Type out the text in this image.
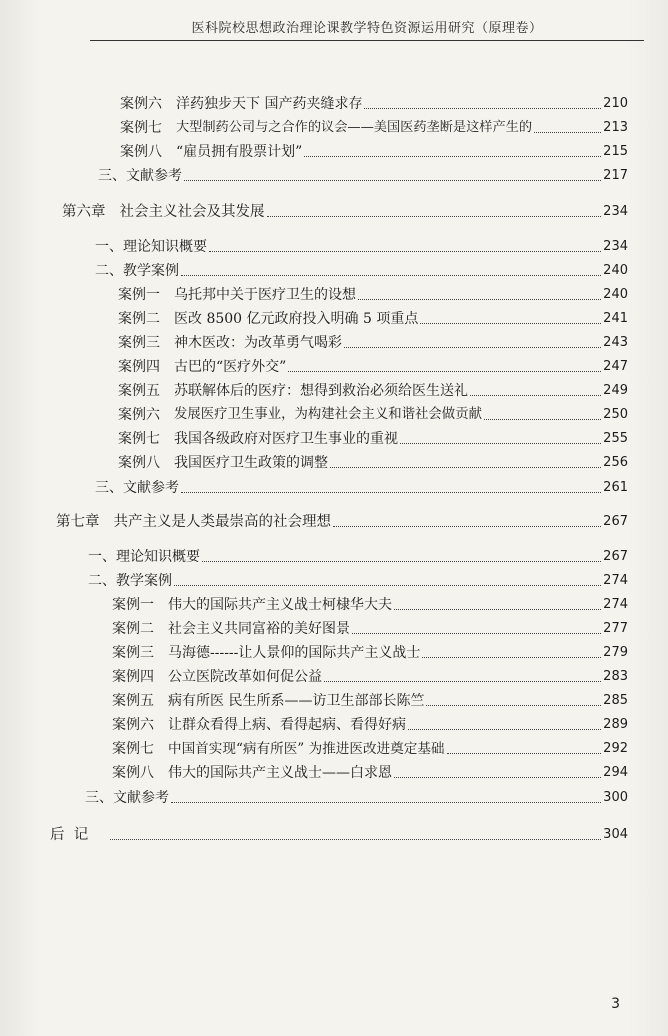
医科院校思想政治理论课教学特色资源运用研究（原理卷）
案例六 洋药独步天下 国产药夹缝求存	210
案例七 大型制药公司与之合作的议会——美国医药垄断是这样产生的	213
案例八 “雇员拥有股票计划”	215
三、 文献参考	217
第六章 社会主义社会及其发展	234
一、 理论知识概要	234
二、 教学案例	240
案例一 乌托邦中关于医疗卫生的设想	240
案例二 医改 8500 亿元政府投入明确 5 项重点	241
案例三 神木医改：为改革勇气喝彩	243
案例四 古巴的“医疗外交”	247
案例五 苏联解体后的医疗：想得到救治必须给医生送礼	249
案例六 发展医疗卫生事业，为构建社会主义和谐社会做贡献	250
案例七 我国各级政府对医疗卫生事业的重视	255
案例八 我国医疗卫生政策的调整	256
三、 文献参考	261
第七章 共产主义是人类最崇高的社会理想	267
一、 理论知识概要	267
二、 教学案例	274
案例一 伟大的国际共产主义战士柯棣华大夫	274
案例二 社会主义共同富裕的美好图景	277
案例三 马海德------让人景仰的国际共产主义战士	279
案例四 公立医院改革如何促公益	283
案例五 病有所医 民生所系——访卫生部部长陈竺	285
案例六 让群众看得上病、看得起病、看得好病	289
案例七 中国首实现“病有所医” 为推进医改进奠定基础	292
案例八 伟大的国际共产主义战士——白求恩	294
三、 文献参考	300
后  记	304
3
